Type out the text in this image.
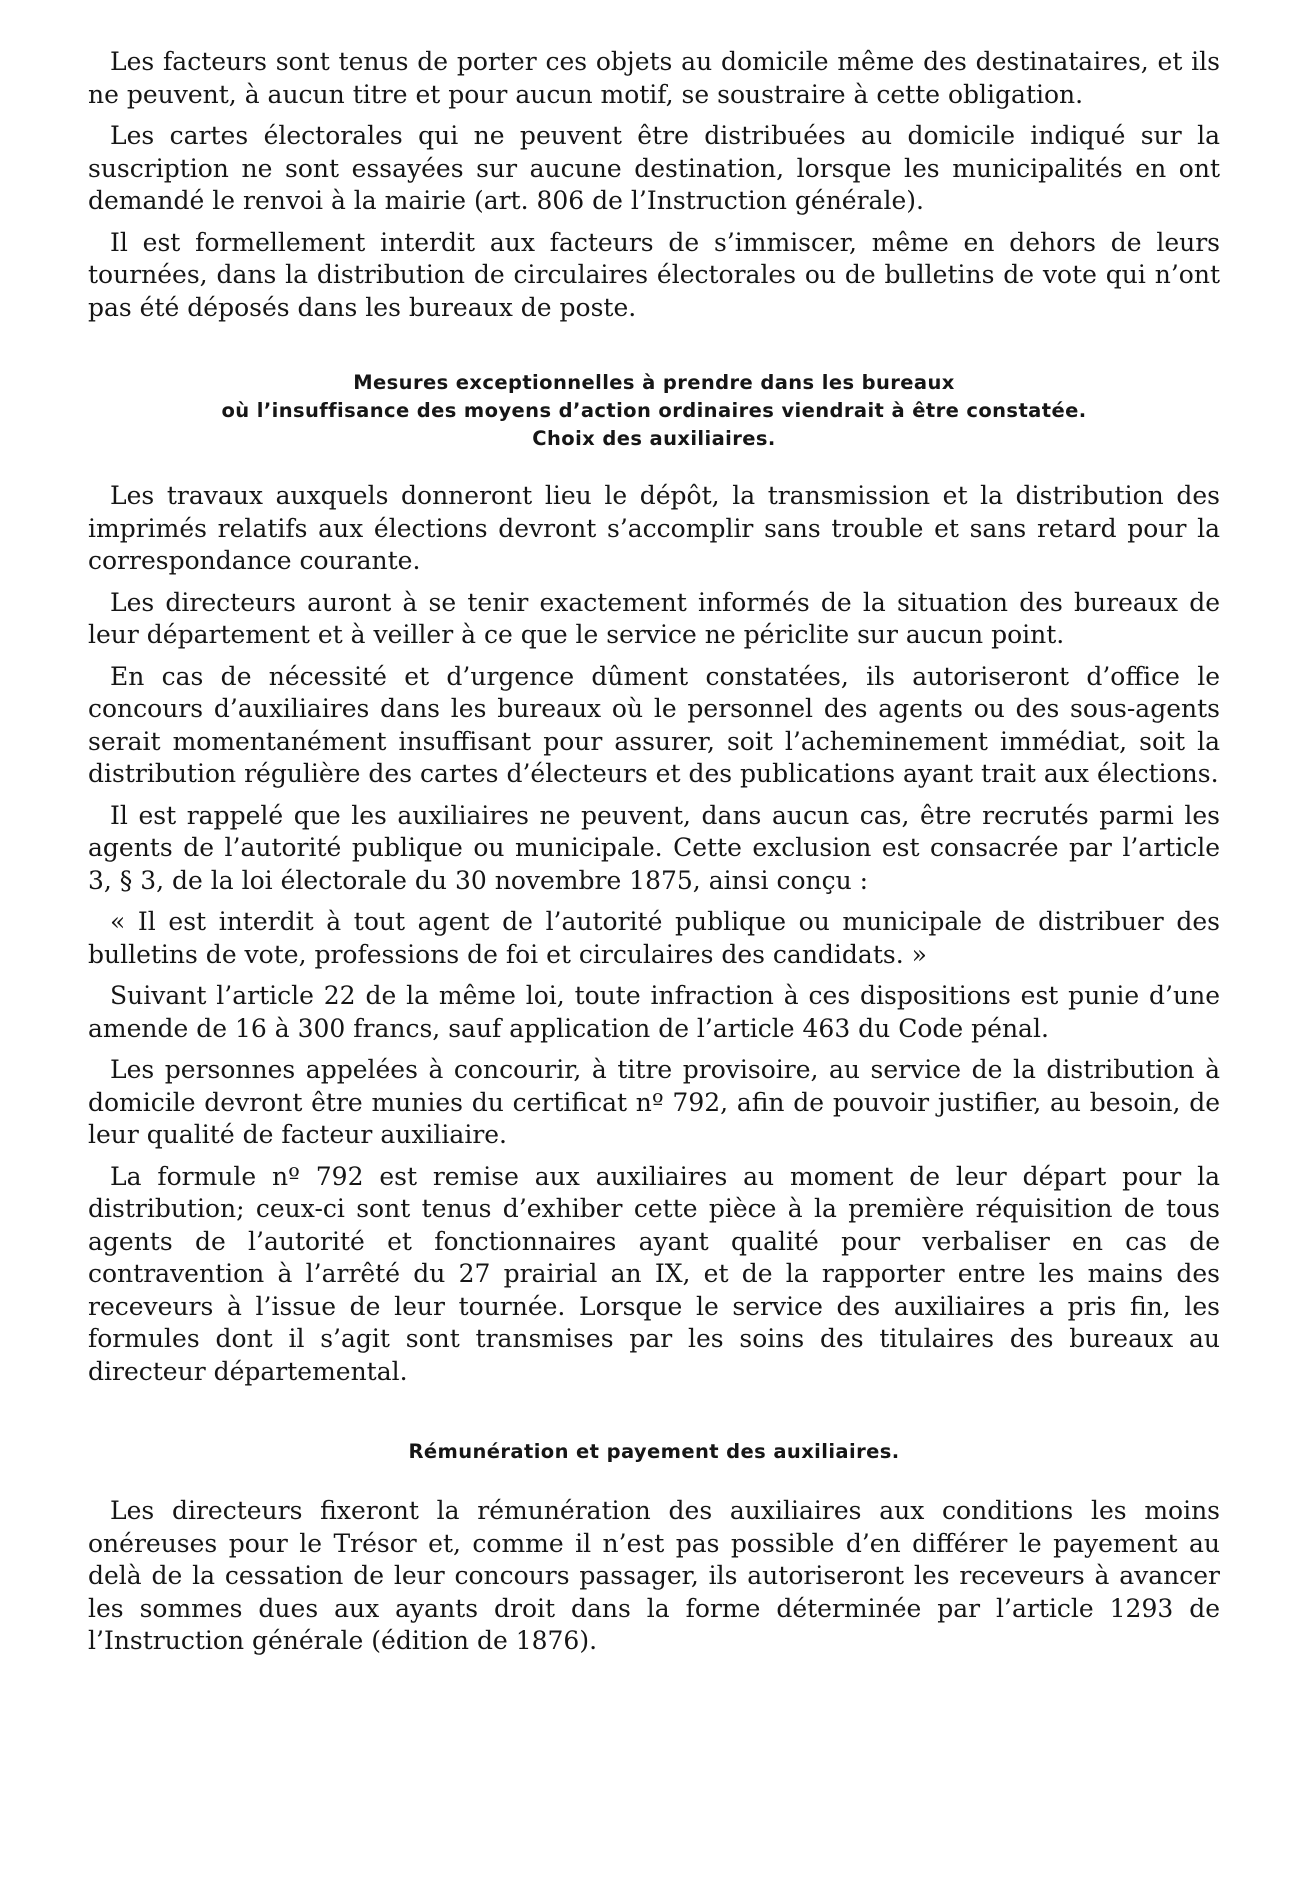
Les facteurs sont tenus de porter ces objets au domicile même des destinataires, et ils ne peuvent, à aucun titre et pour aucun motif, se soustraire à cette obligation.

Les cartes électorales qui ne peuvent être distribuées au domicile indiqué sur la suscription ne sont essayées sur aucune destination, lorsque les municipalités en ont demandé le renvoi à la mairie (art. 806 de l’Instruction générale).

Il est formellement interdit aux facteurs de s’immiscer, même en dehors de leurs tournées, dans la distribution de circulaires électorales ou de bulletins de vote qui n’ont pas été déposés dans les bureaux de poste.

Mesures exceptionnelles à prendre dans les bureaux

où l’insuffisance des moyens d’action ordinaires viendrait à être constatée.

Choix des auxiliaires.

Les travaux auxquels donneront lieu le dépôt, la transmission et la distribution des imprimés relatifs aux élections devront s’accomplir sans trouble et sans retard pour la correspondance courante.

Les directeurs auront à se tenir exactement informés de la situation des bureaux de leur département et à veiller à ce que le service ne périclite sur aucun point.

En cas de nécessité et d’urgence dûment constatées, ils autoriseront d’office le concours d’auxiliaires dans les bureaux où le personnel des agents ou des sous-agents serait momentanément insuffisant pour assurer, soit l’acheminement immédiat, soit la distribution régulière des cartes d’électeurs et des publications ayant trait aux élections.

Il est rappelé que les auxiliaires ne peuvent, dans aucun cas, être recrutés parmi les agents de l’autorité publique ou municipale. Cette exclusion est consacrée par l’article 3, § 3, de la loi électorale du 30 novembre 1875, ainsi conçu :

« Il est interdit à tout agent de l’autorité publique ou municipale de distribuer des bulletins de vote, professions de foi et circulaires des candidats. »

Suivant l’article 22 de la même loi, toute infraction à ces dispositions est punie d’une amende de 16 à 300 francs, sauf application de l’article 463 du Code pénal.

Les personnes appelées à concourir, à titre provisoire, au service de la distribution à domicile devront être munies du certificat nº 792, afin de pouvoir justifier, au besoin, de leur qualité de facteur auxiliaire.

La formule nº 792 est remise aux auxiliaires au moment de leur départ pour la distribution; ceux-ci sont tenus d’exhiber cette pièce à la première réquisition de tous agents de l’autorité et fonctionnaires ayant qualité pour verbaliser en cas de contravention à l’arrêté du 27 prairial an IX, et de la rapporter entre les mains des receveurs à l’issue de leur tournée. Lorsque le service des auxiliaires a pris fin, les formules dont il s’agit sont transmises par les soins des titulaires des bureaux au directeur départemental.

Rémunération et payement des auxiliaires.

Les directeurs fixeront la rémunération des auxiliaires aux conditions les moins onéreuses pour le Trésor et, comme il n’est pas possible d’en différer le payement au delà de la cessation de leur concours passager, ils autoriseront les receveurs à avancer les sommes dues aux ayants droit dans la forme déterminée par l’article 1293 de l’Instruction générale (édition de 1876).
